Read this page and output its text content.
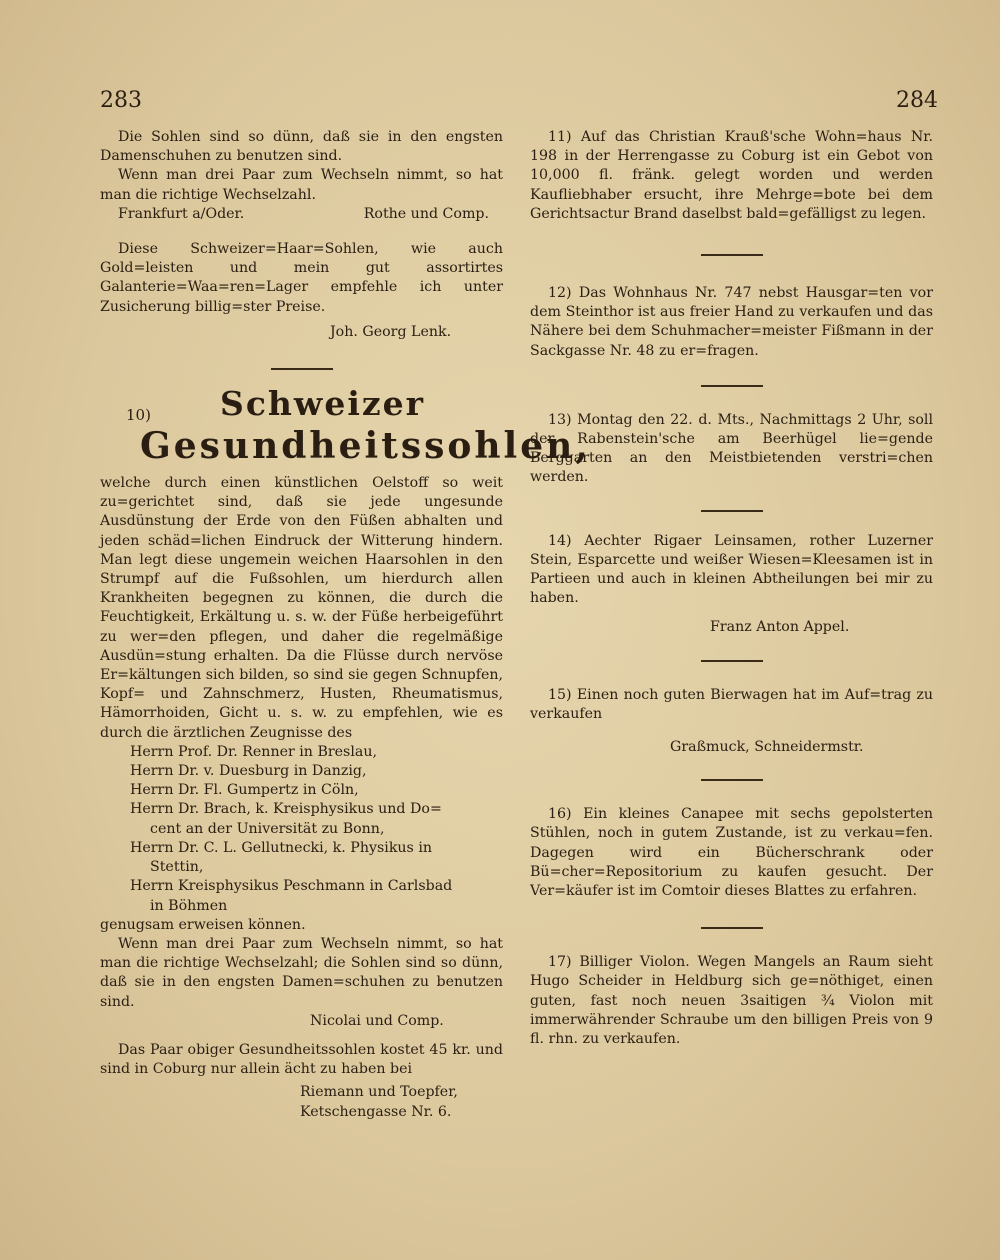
283	284

Die Sohlen sind so dünn, daß sie in den engsten Damenschuhen zu benutzen sind.

Wenn man drei Paar zum Wechseln nimmt, so hat man die richtige Wechselzahl.

Frankfurt a/Oder.	Rothe und Comp.

Diese Schweizer=Haar=Sohlen, wie auch Gold=leisten und mein gut assortirtes Galanterie=Waa=ren=Lager empfehle ich unter Zusicherung billig=ster Preise.

Joh. Georg Lenk.

10)	Schweizer
Gesundheitssohlen,

welche durch einen künstlichen Oelstoff so weit zu=gerichtet sind, daß sie jede ungesunde Ausdünstung der Erde von den Füßen abhalten und jeden schäd=lichen Eindruck der Witterung hindern. Man legt diese ungemein weichen Haarsohlen in den Strumpf auf die Fußsohlen, um hierdurch allen Krankheiten begegnen zu können, die durch die Feuchtigkeit, Erkältung u. s. w. der Füße herbeigeführt zu wer=den pflegen, und daher die regelmäßige Ausdün=stung erhalten. Da die Flüsse durch nervöse Er=kältungen sich bilden, so sind sie gegen Schnupfen, Kopf= und Zahnschmerz, Husten, Rheumatismus, Hämorrhoiden, Gicht u. s. w. zu empfehlen, wie es durch die ärztlichen Zeugnisse des

Herrn Prof. Dr. Renner in Breslau,

Herrn Dr. v. Duesburg in Danzig,

Herrn Dr. Fl. Gumpertz in Cöln,

Herrn Dr. Brach, k. Kreisphysikus und Do=

cent an der Universität zu Bonn,

Herrn Dr. C. L. Gellutnecki, k. Physikus in

Stettin,

Herrn Kreisphysikus Peschmann in Carlsbad

in Böhmen

genugsam erweisen können.

Wenn man drei Paar zum Wechseln nimmt, so hat man die richtige Wechselzahl; die Sohlen sind so dünn, daß sie in den engsten Damen=schuhen zu benutzen sind.

Nicolai und Comp.

Das Paar obiger Gesundheitssohlen kostet 45 kr. und sind in Coburg nur allein ächt zu haben bei

Riemann und Toepfer,

Ketschengasse Nr. 6.

11) Auf das Christian Krauß'sche Wohn=haus Nr. 198 in der Herrengasse zu Coburg ist ein Gebot von 10,000 fl. fränk. gelegt worden und werden Kaufliebhaber ersucht, ihre Mehrge=bote bei dem Gerichtsactur Brand daselbst bald=gefälligst zu legen.

12) Das Wohnhaus Nr. 747 nebst Hausgar=ten vor dem Steinthor ist aus freier Hand zu verkaufen und das Nähere bei dem Schuhmacher=meister Fißmann in der Sackgasse Nr. 48 zu er=fragen.

13) Montag den 22. d. Mts., Nachmittags 2 Uhr, soll der Rabenstein'sche am Beerhügel lie=gende Berggarten an den Meistbietenden verstri=chen werden.

14) Aechter Rigaer Leinsamen, rother Luzerner Stein, Esparcette und weißer Wiesen=Kleesamen ist in Partieen und auch in kleinen Abtheilungen bei mir zu haben.

Franz Anton Appel.

15) Einen noch guten Bierwagen hat im Auf=trag zu verkaufen

Graßmuck, Schneidermstr.

16) Ein kleines Canapee mit sechs gepolsterten Stühlen, noch in gutem Zustande, ist zu verkau=fen. Dagegen wird ein Bücherschrank oder Bü=cher=Repositorium zu kaufen gesucht. Der Ver=käufer ist im Comtoir dieses Blattes zu erfahren.

17) Billiger Violon. Wegen Mangels an Raum sieht Hugo Scheider in Heldburg sich ge=nöthiget, einen guten, fast noch neuen 3saitigen ¾ Violon mit immerwährender Schraube um den billigen Preis von 9 fl. rhn. zu verkaufen.
